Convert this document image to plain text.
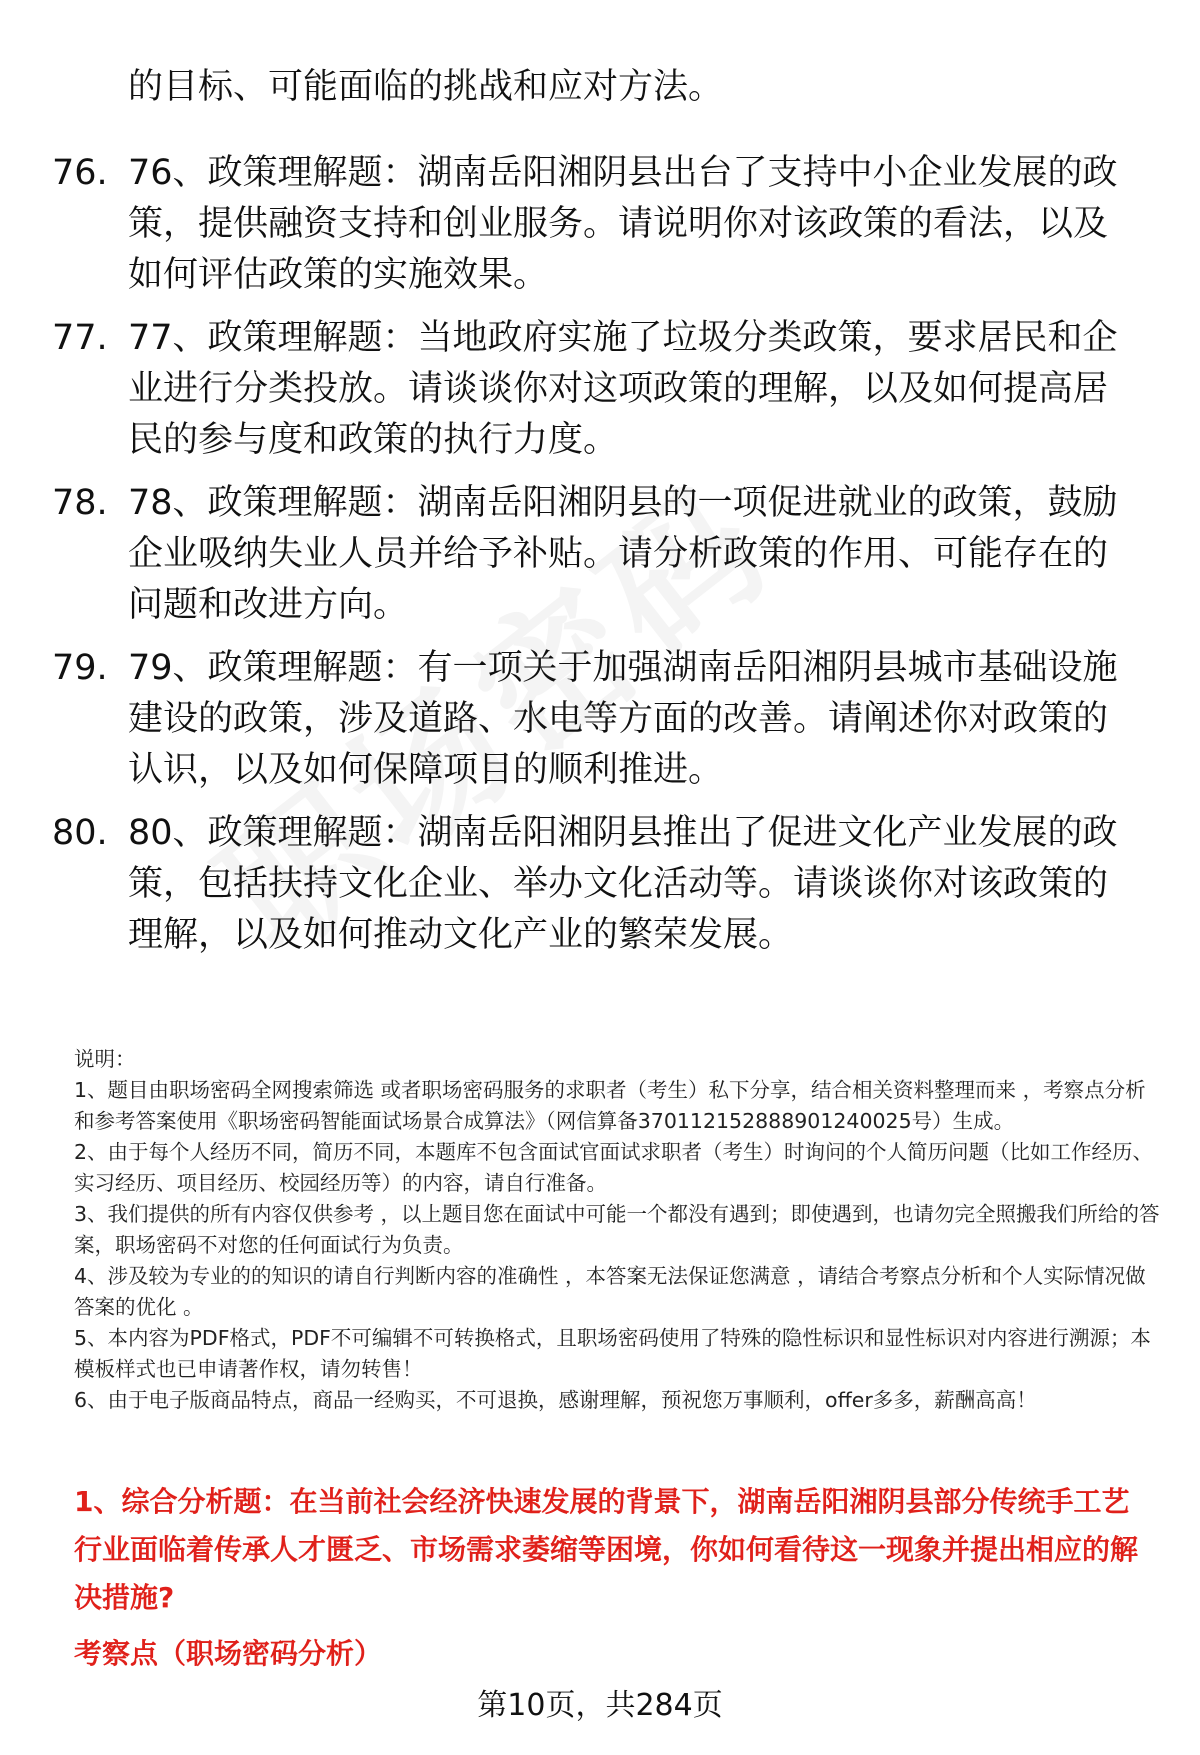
的目标、可能面临的挑战和应对方法。

76. 76、政策理解题：湖南岳阳湘阴县出台了支持中小企业发展的政策，提供融资支持和创业服务。请说明你对该政策的看法，以及如何评估政策的实施效果。

77. 77、政策理解题：当地政府实施了垃圾分类政策，要求居民和企业进行分类投放。请谈谈你对这项政策的理解，以及如何提高居民的参与度和政策的执行力度。

78. 78、政策理解题：湖南岳阳湘阴县的一项促进就业的政策，鼓励企业吸纳失业人员并给予补贴。请分析政策的作用、可能存在的问题和改进方向。

79. 79、政策理解题：有一项关于加强湖南岳阳湘阴县城市基础设施建设的政策，涉及道路、水电等方面的改善。请阐述你对政策的认识，以及如何保障项目的顺利推进。

80. 80、政策理解题：湖南岳阳湘阴县推出了促进文化产业发展的政策，包括扶持文化企业、举办文化活动等。请谈谈你对该政策的理解，以及如何推动文化产业的繁荣发展。

说明：

1、题目由职场密码全网搜索筛选 或者职场密码服务的求职者（考生）私下分享，结合相关资料整理而来 ，考察点分析和参考答案使用《职场密码智能面试场景合成算法》（网信算备370112152888901240025号）生成。

2、由于每个人经历不同，简历不同，本题库不包含面试官面试求职者（考生）时询问的个人简历问题（比如工作经历、实习经历、项目经历、校园经历等）的内容，请自行准备。

3、我们提供的所有内容仅供参考 ，以上题目您在面试中可能一个都没有遇到；即使遇到，也请勿完全照搬我们所给的答案，职场密码不对您的任何面试行为负责。

4、涉及较为专业的的知识的请自行判断内容的准确性 ，本答案无法保证您满意 ，请结合考察点分析和个人实际情况做答案的优化 。

5、本内容为PDF格式，PDF不可编辑不可转换格式，且职场密码使用了特殊的隐性标识和显性标识对内容进行溯源；本模板样式也已申请著作权，请勿转售！

6、由于电子版商品特点，商品一经购买，不可退换，感谢理解，预祝您万事顺利，offer多多，薪酬高高！

1、综合分析题：在当前社会经济快速发展的背景下，湖南岳阳湘阴县部分传统手工艺行业面临着传承人才匮乏、市场需求萎缩等困境，你如何看待这一现象并提出相应的解决措施?

考察点（职场密码分析）

第10页，共284页
